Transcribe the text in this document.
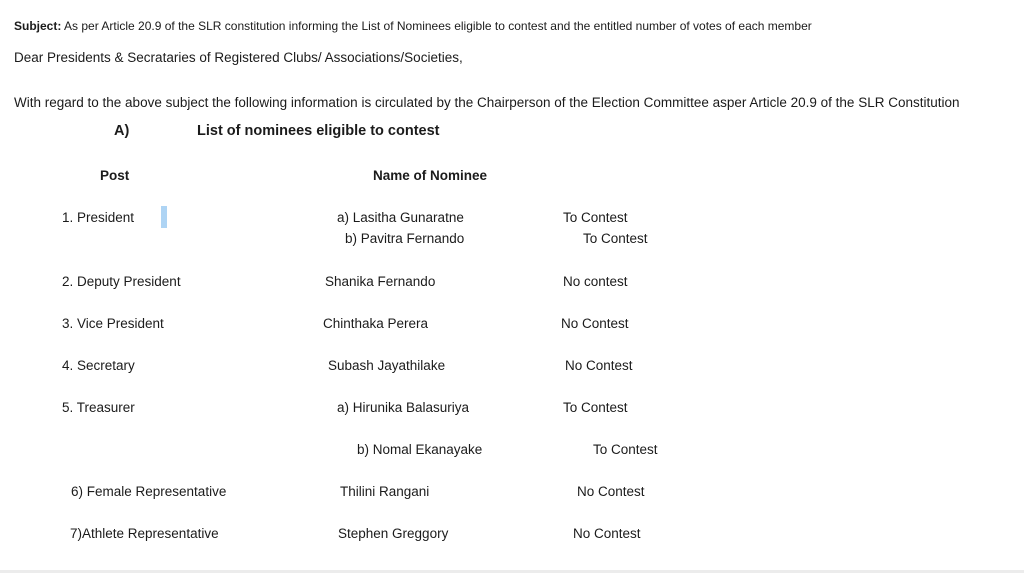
Subject: As per Article 20.9 of the SLR constitution informing the List of Nominees eligible to contest and the entitled number of votes of each member

Dear Presidents & Secrataries of Registered Clubs/ Associations/Societies,

With regard to the above subject the following information is circulated by the Chairperson of the Election Committee asper Article 20.9 of the SLR Constitution

A)	List of nominees eligible to contest
Post	Name of Nominee
1. President	a) Lasitha Gunaratne	To Contest
b) Pavitra Fernando	To Contest
2. Deputy President	Shanika Fernando	No contest
3. Vice President	Chinthaka Perera	No Contest
4. Secretary	Subash Jayathilake	No Contest
5. Treasurer	a) Hirunika Balasuriya	To Contest
b) Nomal Ekanayake	To Contest
6) Female Representative	Thilini Rangani	No Contest
7)Athlete Representative	Stephen Greggory	No Contest
